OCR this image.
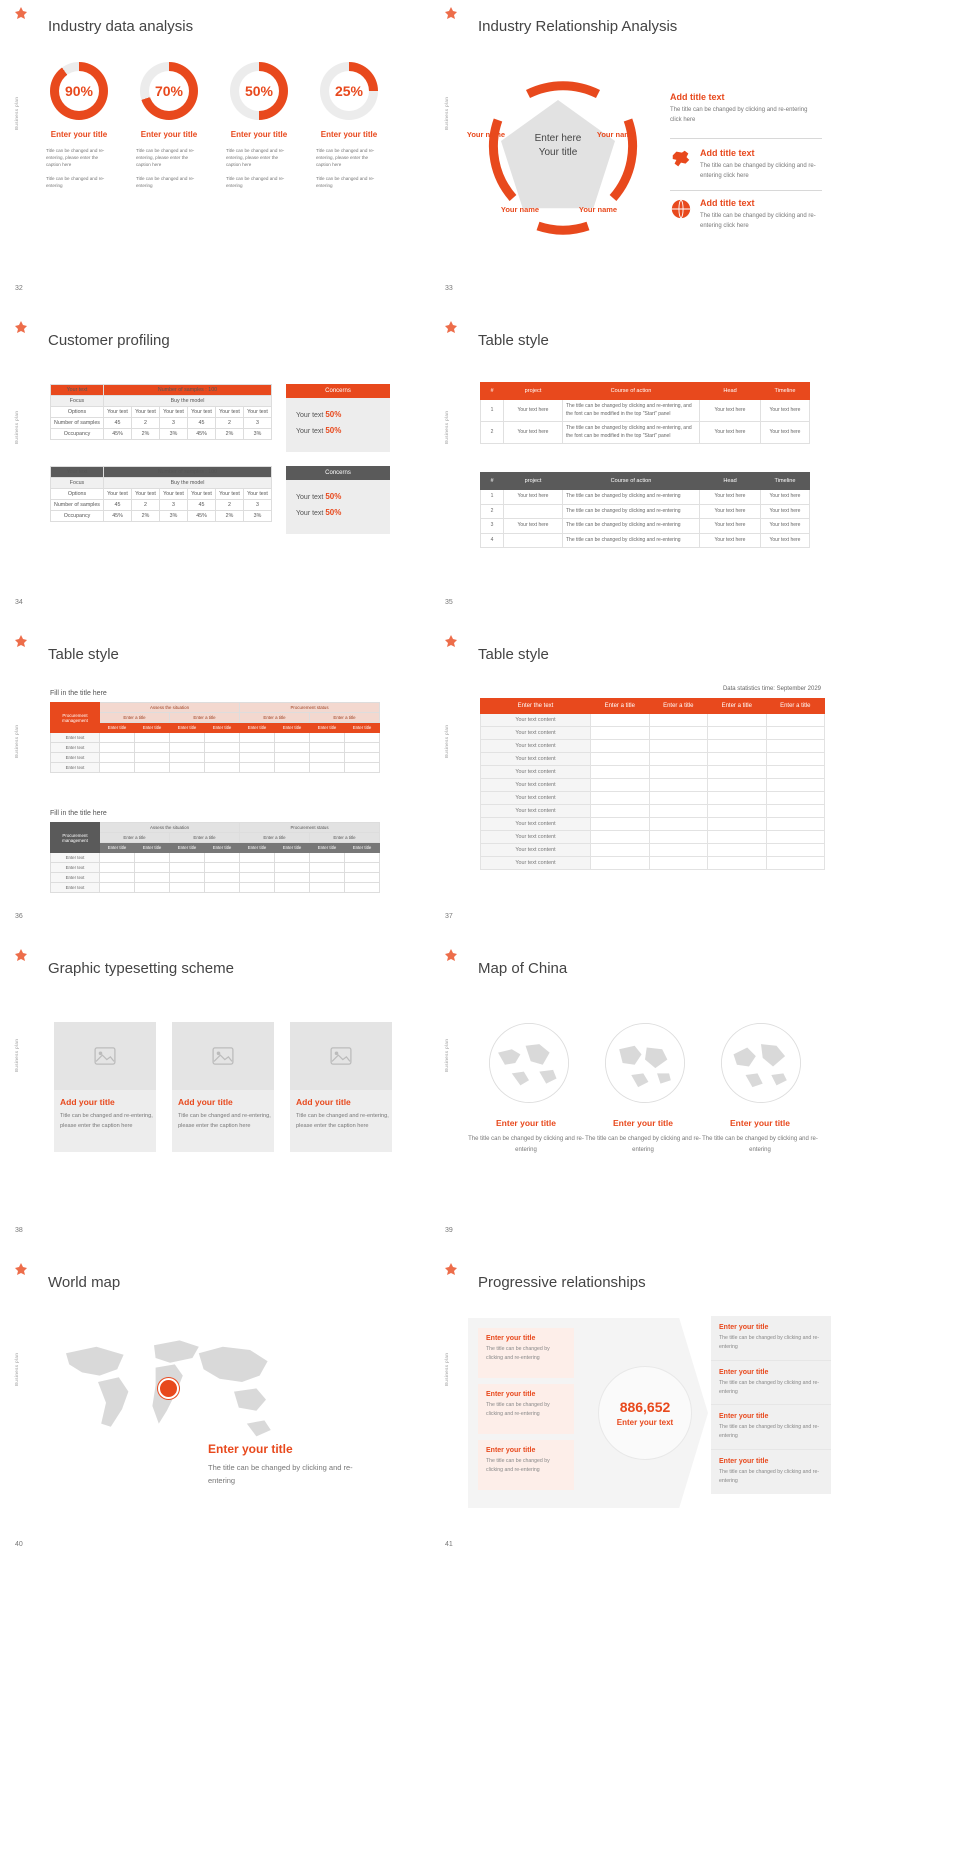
Business plan
Industry data analysis
90%
Enter your title
Title can be changed and re-entering, please enter the caption here
Title can be changed and re-entering
70%
Enter your title
Title can be changed and re-entering, please enter the caption here
Title can be changed and re-entering
50%
Enter your title
Title can be changed and re-entering, please enter the caption here
Title can be changed and re-entering
25%
Enter your title
Title can be changed and re-entering, please enter the caption here
Title can be changed and re-entering
32
Business plan
Industry Relationship Analysis
Enter here
Your title
Your name
Your name
Your name
Your name
Your name
Add title text
The title can be changed by clicking and re-entering click here
Add title text
The title can be changed by clicking and re-entering click here
Add title text
The title can be changed by clicking and re-entering click here
33
Business plan
Customer profiling
Your text	Number of samples : 100					
Focus	Buy the model					
Options	Your text	Your text	Your text	Your text	Your text	Your text
Number of samples	45	2	3	45	2	3
Occupancy	45%	2%	3%	45%	2%	3%
Concerns
Your text 50%
Your text 50%
Your text	Number of samples : 100					
Focus	Buy the model					
Options	Your text	Your text	Your text	Your text	Your text	Your text
Number of samples	45	2	3	45	2	3
Occupancy	45%	2%	3%	45%	2%	3%
Concerns
Your text 50%
Your text 50%
34
Business plan
Table style
#	project	Course of action	Head	Timeline
1	Your text here	The title can be changed by clicking and re-entering, and the font can be modified in the top "Start" panel	Your text here	Your text here
2	Your text here	The title can be changed by clicking and re-entering, and the font can be modified in the top "Start" panel	Your text here	Your text here
#	project	Course of action	Head	Timeline
1	Your text here	The title can be changed by clicking and re-entering	Your text here	Your text here
2		The title can be changed by clicking and re-entering	Your text here	Your text here
3	Your text here	The title can be changed by clicking and re-entering	Your text here	Your text here
4		The title can be changed by clicking and re-entering	Your text here	Your text here
35
Business plan
Table style
Fill in the title here
Procurement management	Assess the situation				Procurement status			
	Enter a title		Enter a title		Enter a title		Enter a title	
	Enter title	Enter title	Enter title	Enter title	Enter title	Enter title	Enter title	Enter title
Enter text								
Enter text								
Enter text								
Enter text								
Fill in the title here
Procurement management	Assess the situation				Procurement status			
	Enter a title		Enter a title		Enter a title		Enter a title	
	Enter title	Enter title	Enter title	Enter title	Enter title	Enter title	Enter title	Enter title
Enter text								
Enter text								
Enter text								
Enter text								
36
Business plan
Table style
Data statistics time: September 2029
Enter the text	Enter a title	Enter a title	Enter a title	Enter a title
Your text content				
Your text content				
Your text content				
Your text content				
Your text content				
Your text content				
Your text content				
Your text content				
Your text content				
Your text content				
Your text content				
Your text content				
37
Business plan
Graphic typesetting scheme
Add your title
Title can be changed and re-entering, please enter the caption here
Add your title
Title can be changed and re-entering, please enter the caption here
Add your title
Title can be changed and re-entering, please enter the caption here
38
Business plan
Map of China
Enter your title
The title can be changed by clicking and re-entering
Enter your title
The title can be changed by clicking and re-entering
Enter your title
The title can be changed by clicking and re-entering
39
Business plan
World map
Enter your title
The title can be changed by clicking and re-entering
40
Business plan
Progressive relationships
Enter your title
The title can be changed by clicking and re-entering
Enter your title
The title can be changed by clicking and re-entering
Enter your title
The title can be changed by clicking and re-entering
886,652
Enter your text
Enter your title
The title can be changed by clicking and re-entering
Enter your title
The title can be changed by clicking and re-entering
Enter your title
The title can be changed by clicking and re-entering
Enter your title
The title can be changed by clicking and re-entering
41
